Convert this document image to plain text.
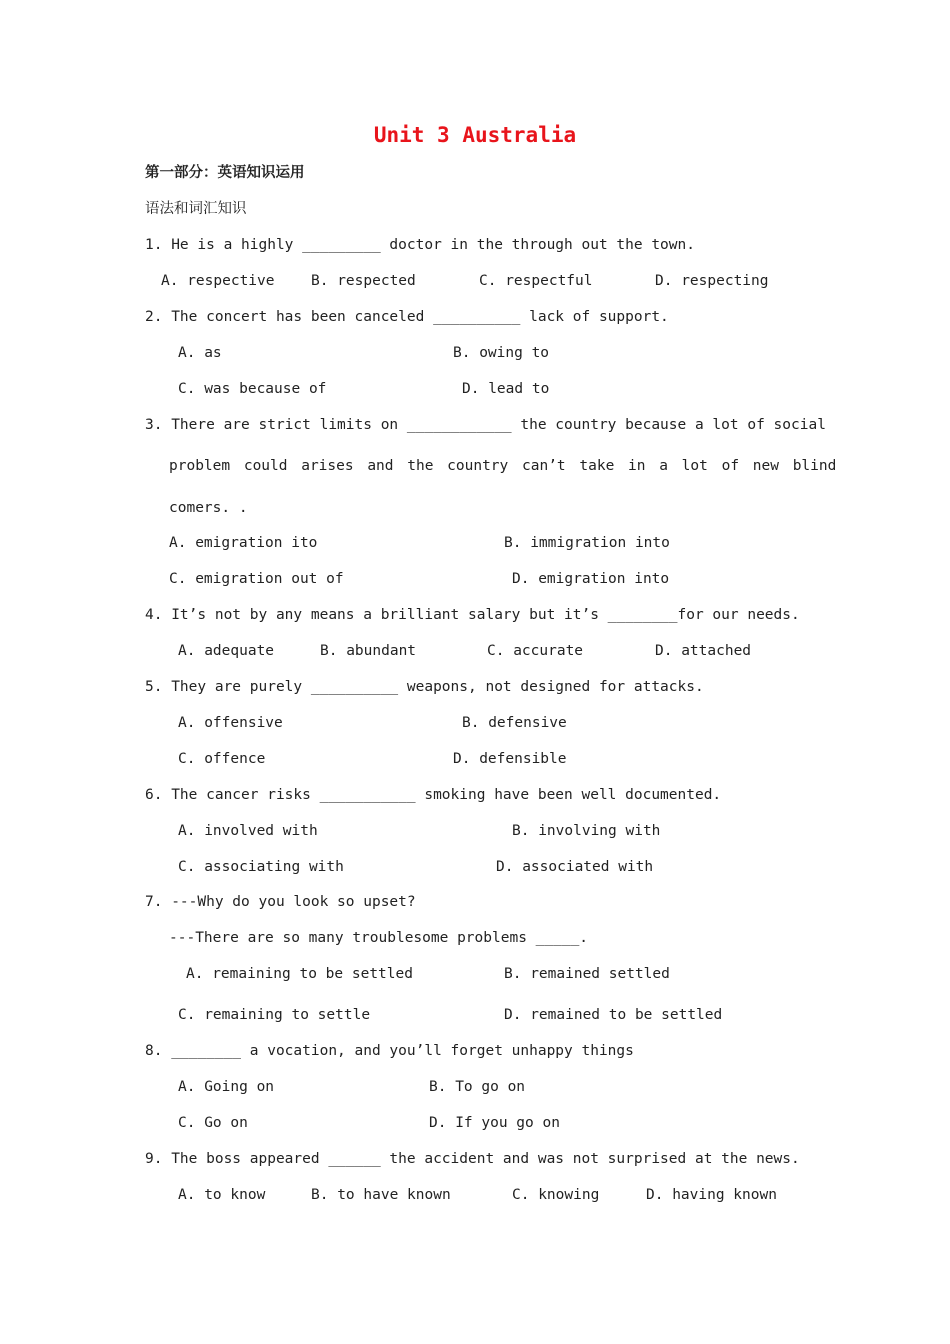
Unit 3 Australia
第一部分：英语知识运用
语法和词汇知识
1. He is a highly _________ doctor in the through out the town.
A. respective	B. respected	C. respectful	D. respecting
2. The concert has been canceled __________ lack of support.
A. as	B. owing to
C. was because of	D. lead to
3. There are strict limits on ____________ the country because a lot of social
problem could arises and the country can’t take in a lot of new blind
comers. .
A. emigration ito	B. immigration into
C. emigration out of	D. emigration into
4. It’s not by any means a brilliant salary but it’s ________for our needs.
A. adequate	B. abundant	C. accurate	D. attached
5. They are purely __________ weapons, not designed for attacks.
A. offensive	B. defensive
C. offence	D. defensible
6. The cancer risks ___________ smoking have been well documented.
A. involved with	B. involving with
C. associating with	D. associated with
7. ---Why do you look so upset?
---There are so many troublesome problems _____.
A. remaining to be settled	B. remained settled
C. remaining to settle	D. remained to be settled
8. ________ a vocation, and you’ll forget unhappy things
A. Going on	B. To go on
C. Go on	D. If you go on
9. The boss appeared ______ the accident and was not surprised at the news.
A. to know	B. to have known	C. knowing	D. having known
